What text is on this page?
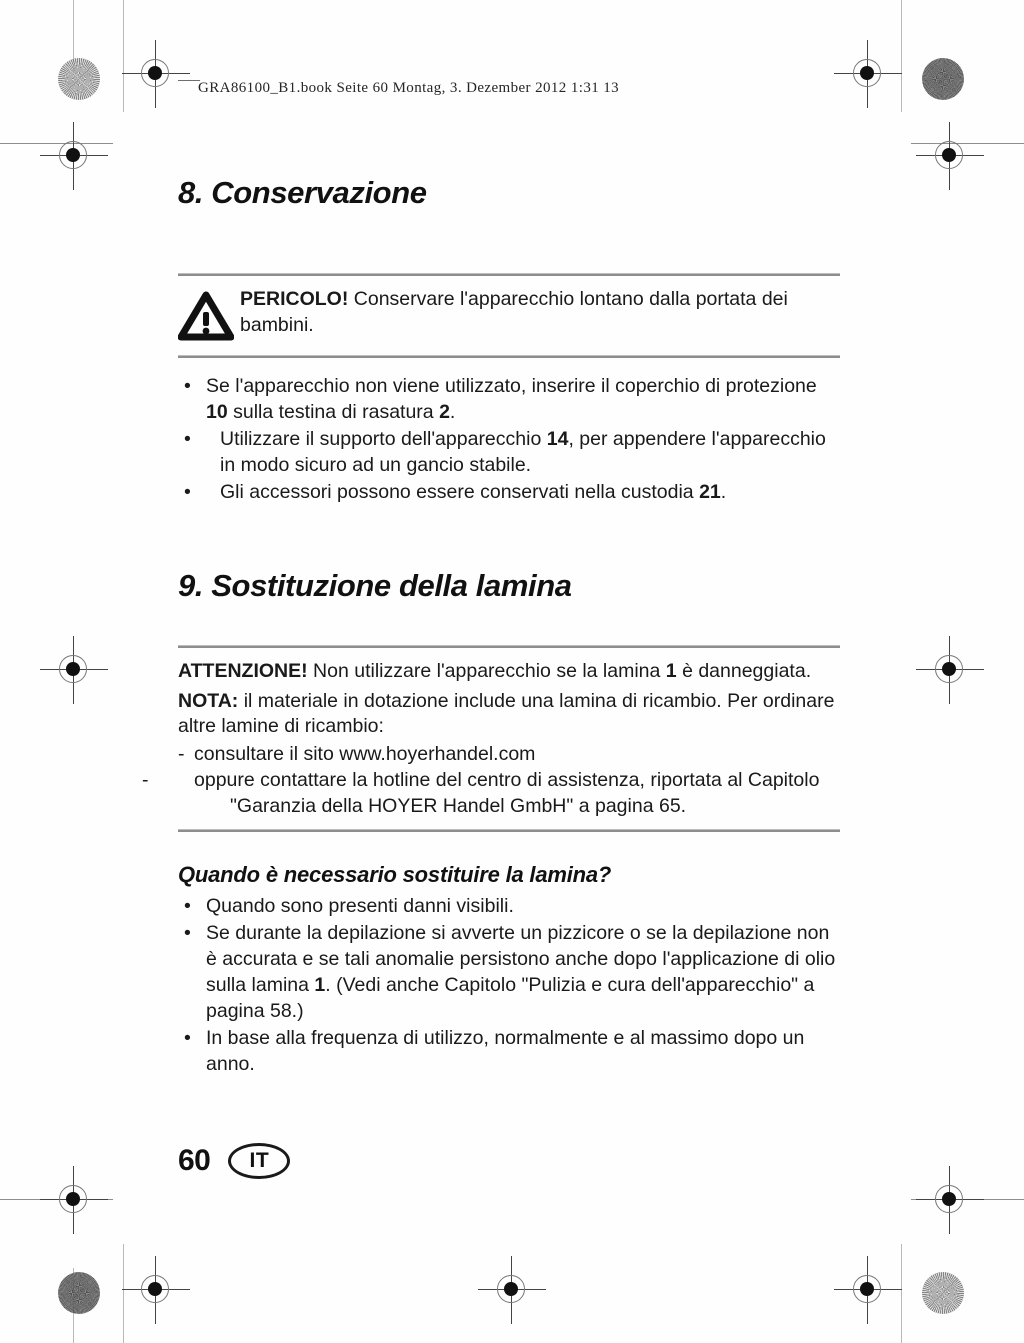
GRA86100_B1.book Seite 60 Montag, 3. Dezember 2012 1:31 13
8. Conservazione
PERICOLO! Conservare l'apparecchio lontano dalla portata dei bambini.
• Se l'apparecchio non viene utilizzato, inserire il coperchio di protezione 10 sulla testina di rasatura 2.
• Utilizzare il supporto dell'apparecchio 14, per appendere l'apparecchio in modo sicuro ad un gancio stabile.
• Gli accessori possono essere conservati nella custodia 21.
9. Sostituzione della lamina

ATTENZIONE! Non utilizzare l'apparecchio se la lamina 1 è danneggiata.

NOTA: il materiale in dotazione include una lamina di ricambio. Per ordinare altre lamine di ricambio:

- consultare il sito www.hoyerhandel.com
-	oppure contattare la hotline del centro di assistenza, riportata al Capitolo "Garanzia della HOYER Handel GmbH" a pagina 65.
Quando è necessario sostituire la lamina?
• Quando sono presenti danni visibili.
• Se durante la depilazione si avverte un pizzicore o se la depilazione non è accurata e se tali anomalie persistono anche dopo l'applicazione di olio sulla lamina 1. (Vedi anche Capitolo "Pulizia e cura dell'apparecchio" a pagina 58.)
• In base alla frequenza di utilizzo, normalmente e al massimo dopo un anno.
60	IT
